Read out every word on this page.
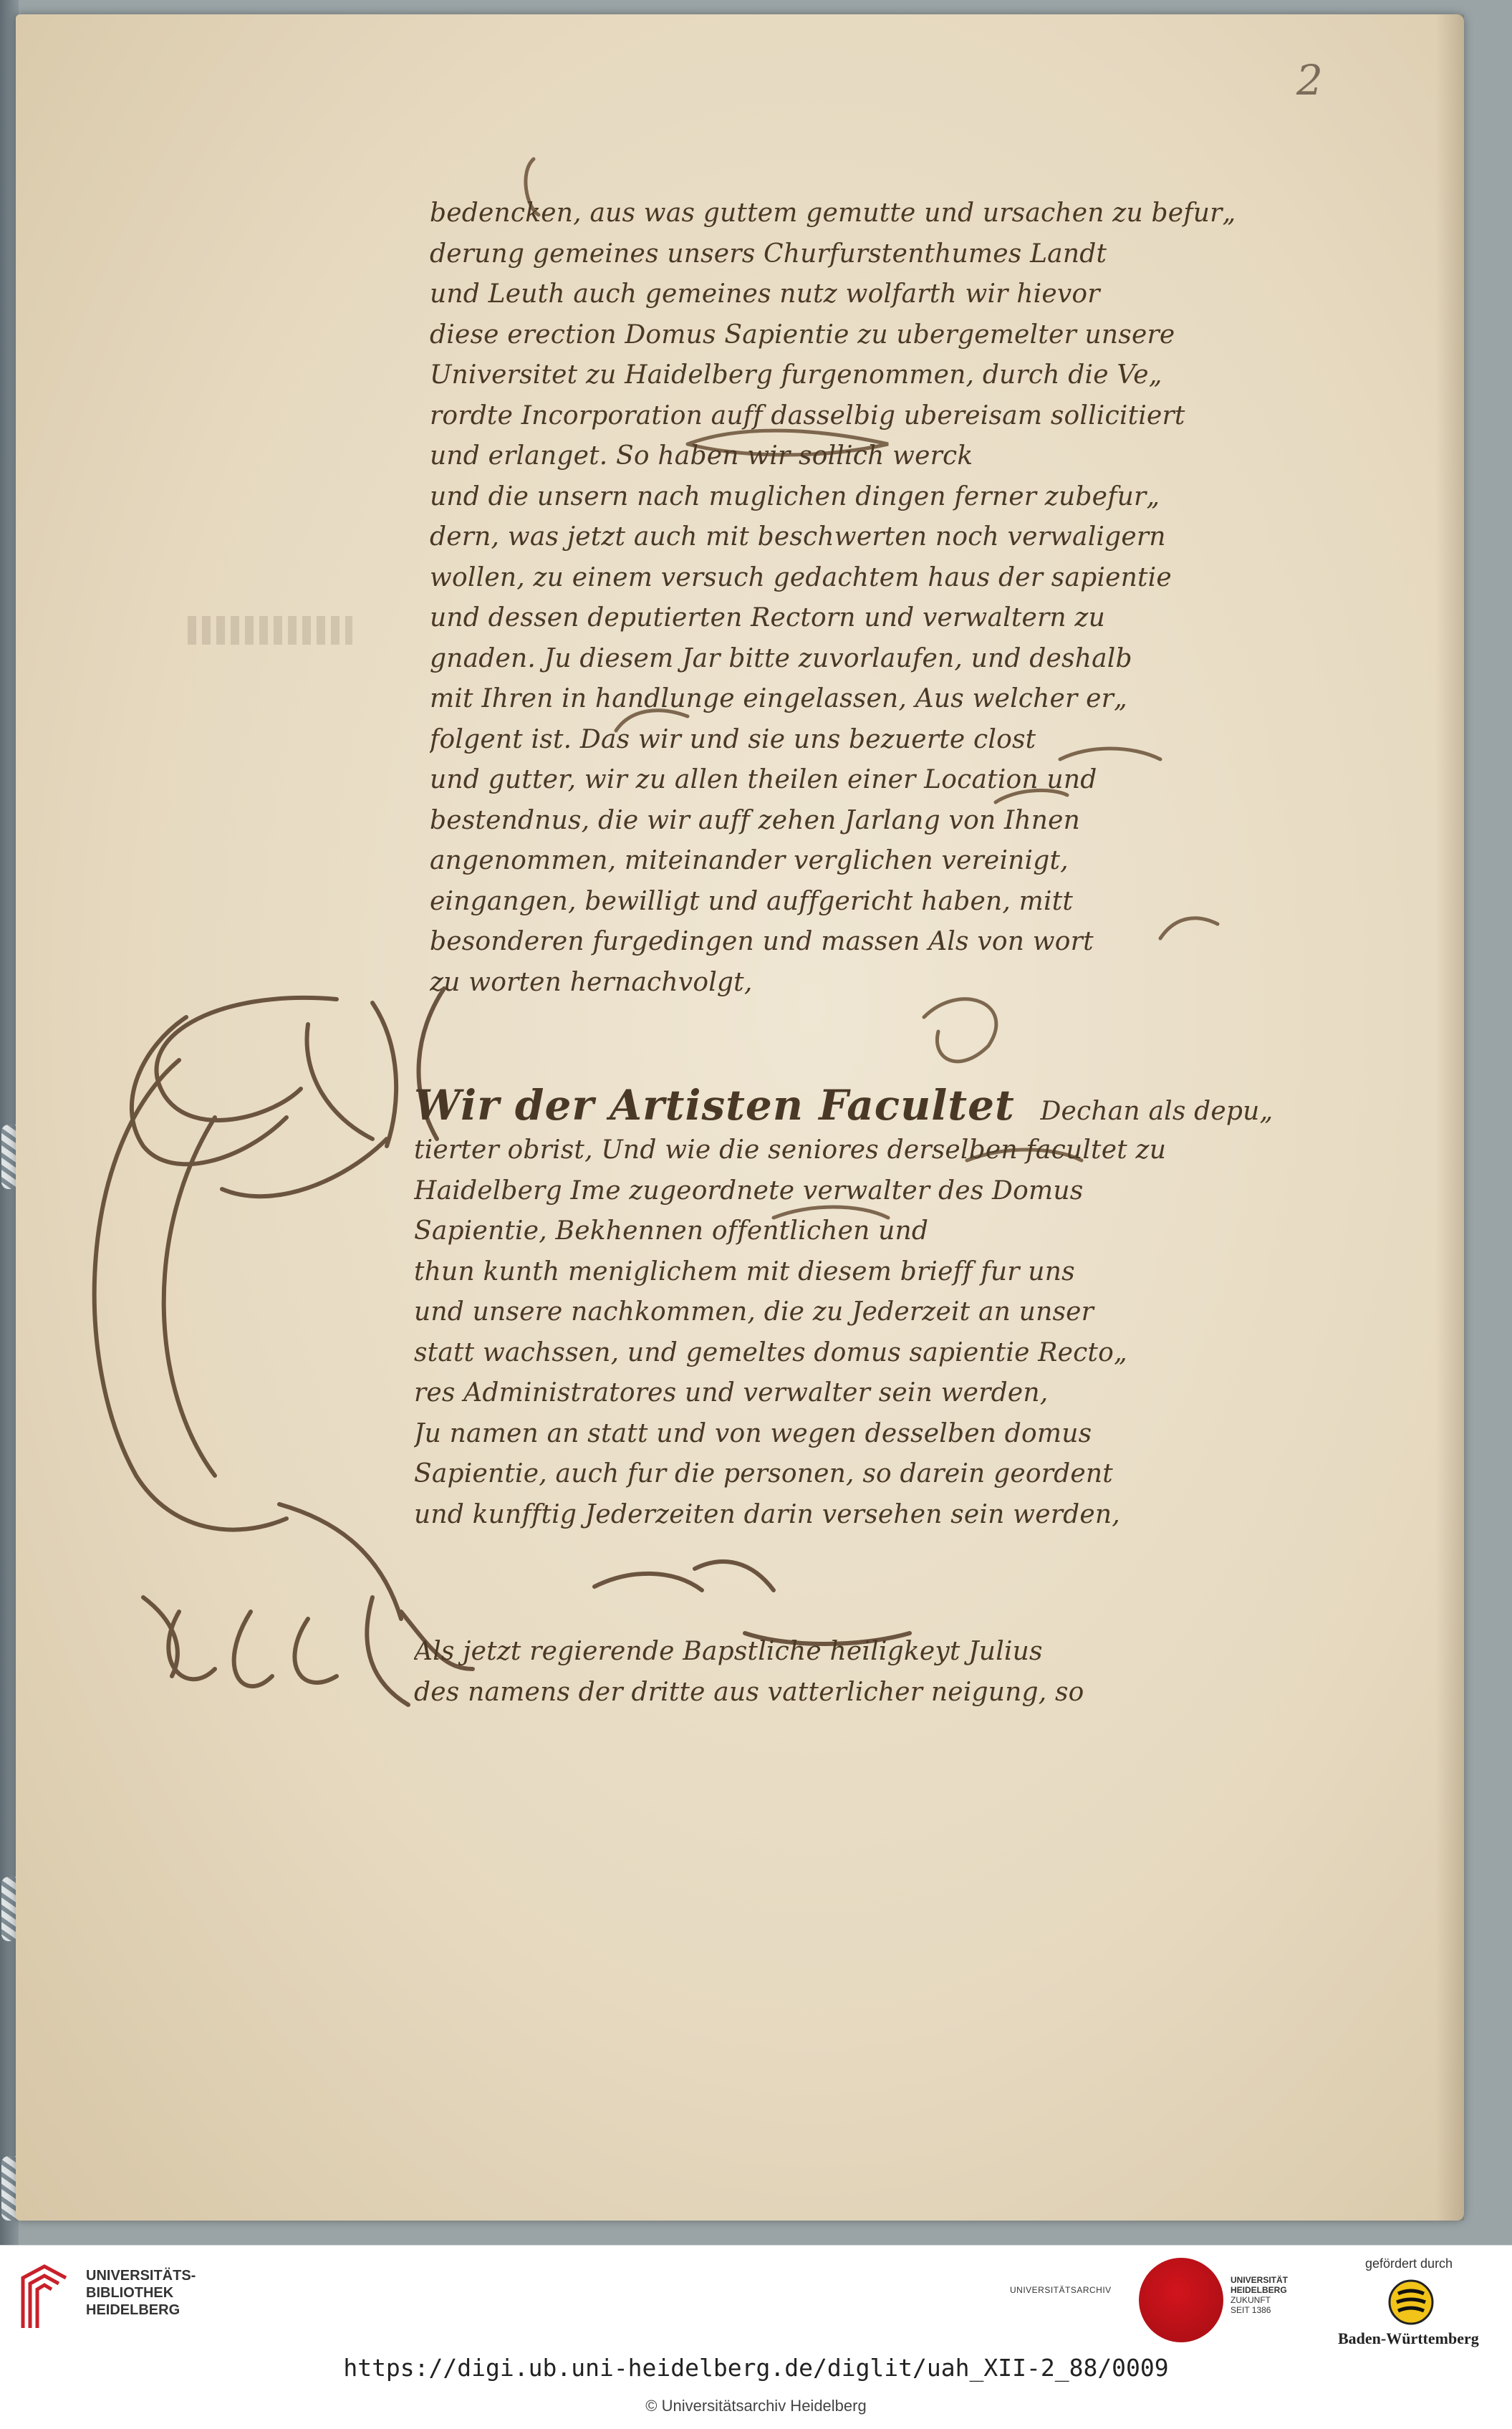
2
bedencken, aus was guttem gemutte und ursachen zu befur„
derung gemeines unsers Churfurstenthumes Landt
und Leuth auch gemeines nutz wolfarth wir hievor
diese erection Domus Sapientie zu ubergemelter unsere
Universitet zu Haidelberg furgenommen, durch die Ve„
rordte Incorporation auff dasselbig ubereisam sollicitiert
und erlanget. So haben wir sollich werck
und die unsern nach muglichen dingen ferner zubefur„
dern, was jetzt auch mit beschwerten noch verwaligern
wollen, zu einem versuch gedachtem haus der sapientie
und dessen deputierten Rectorn und verwaltern zu
gnaden. Ju diesem Jar bitte zuvorlaufen, und deshalb
mit Ihren in handlunge eingelassen, Aus welcher er„
folgent ist. Das wir und sie uns bezuerte clost
und gutter, wir zu allen theilen einer Location und
bestendnus, die wir auff zehen Jarlang von Ihnen
angenommen, miteinander verglichen vereinigt,
eingangen, bewilligt und auffgericht haben, mitt
besonderen furgedingen und massen Als von wort
zu worten hernachvolgt,
Wir der Artisten Facultet Dechan als depu„
tierter obrist, Und wie die seniores derselben facultet zu
Haidelberg Ime zugeordnete verwalter des Domus
Sapientie, Bekhennen offentlichen und
thun kunth meniglichem mit diesem brieff fur uns
und unsere nachkommen, die zu Jederzeit an unser
statt wachssen, und gemeltes domus sapientie Recto„
res Administratores und verwalter sein werden,
Ju namen an statt und von wegen desselben domus
Sapientie, auch fur die personen, so darein geordent
und kunfftig Jederzeiten darin versehen sein werden,
Als jetzt regierende Bapstliche heiligkeyt Julius
des namens der dritte aus vatterlicher neigung, so
UNIVERSITÄTS-
BIBLIOTHEK
HEIDELBERG
UNIVERSITÄTSARCHIV
UNIVERSITÄT
HEIDELBERG
ZUKUNFT
SEIT 1386
gefördert durch
Baden-Württemberg
https://digi.ub.uni-heidelberg.de/diglit/uah_XII-2_88/0009
© Universitätsarchiv Heidelberg
